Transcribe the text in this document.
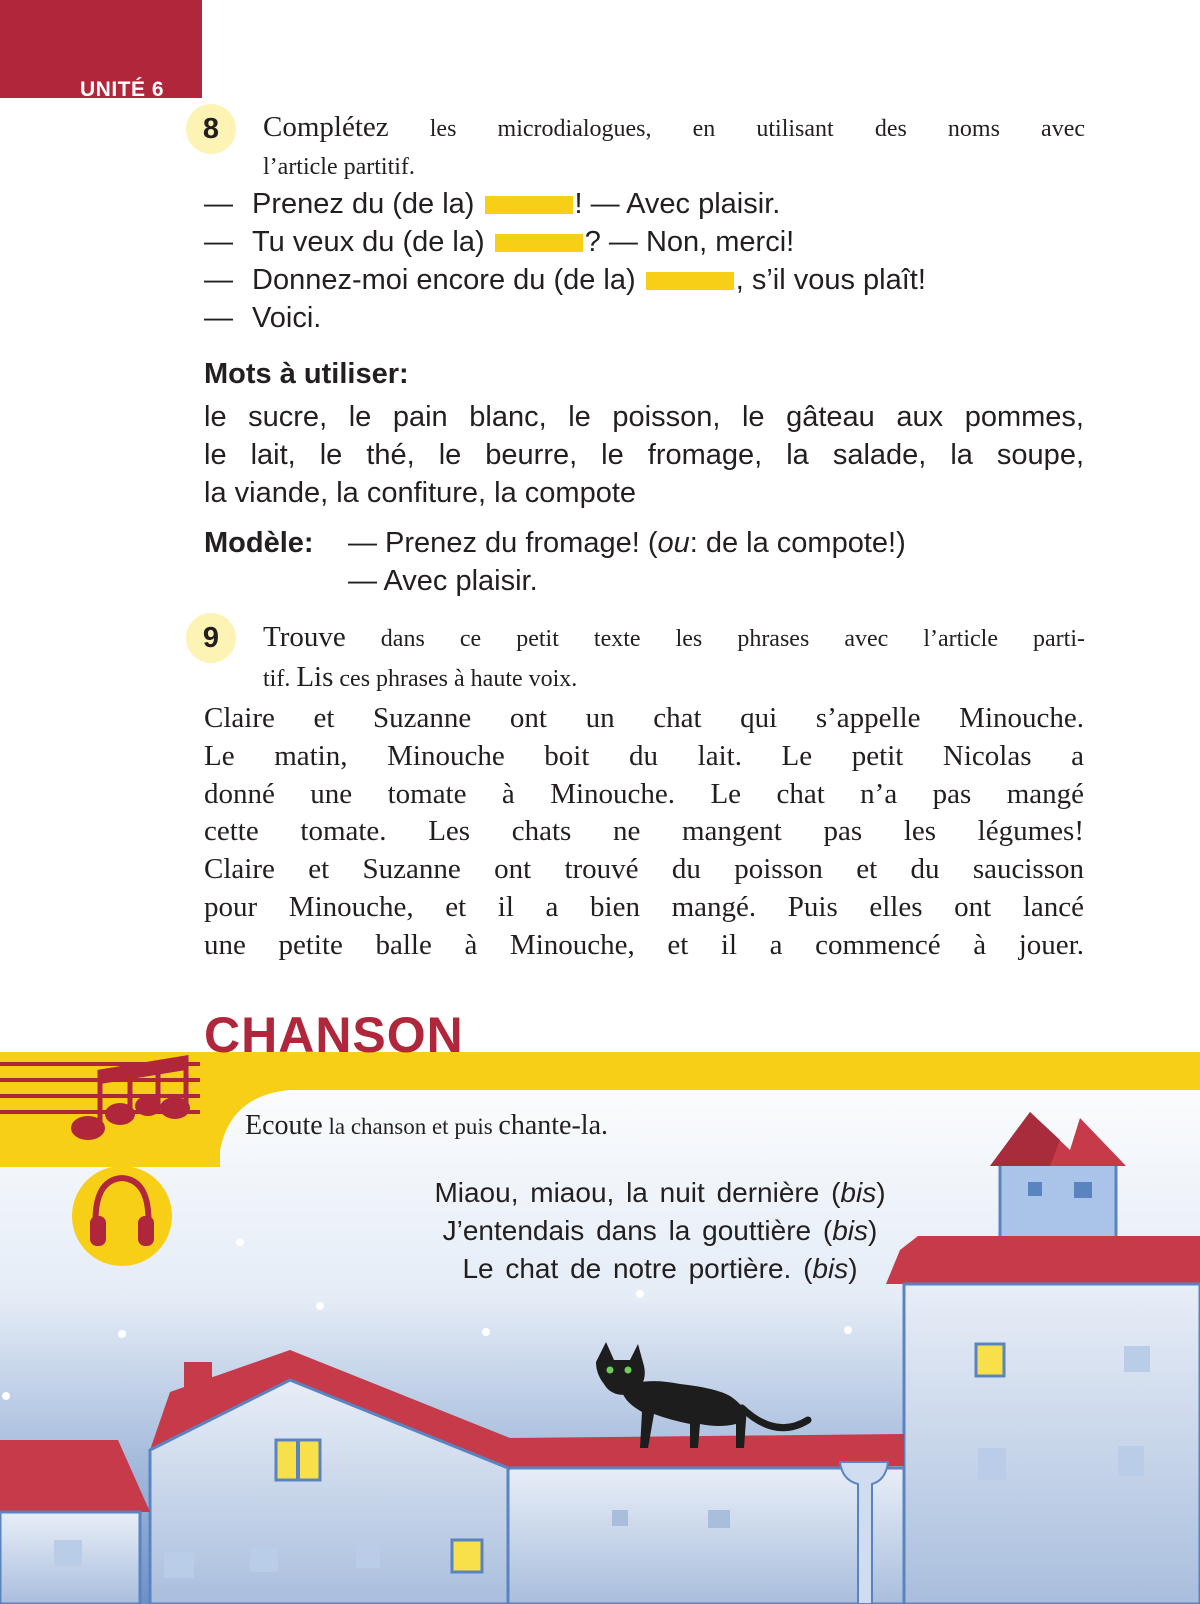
UNITÉ 6
8	Complétez les microdialogues, en utilisant des noms avec
l’article partitif.
— Prenez du (de la)	! — Avec plaisir.
— Tu veux du (de la)	? — Non, merci!
— Donnez-moi encore du (de la)	, s’il vous plaît!
— Voici.
Mots à utiliser:
le sucre, le pain blanc, le poisson, le gâteau aux pommes,
le lait, le thé, le beurre, le fromage, la salade, la soupe,
la viande, la confiture, la compote
Modèle: — Prenez du fromage! (ou: de la compote!)
— Avec plaisir.
9	Trouve dans ce petit texte les phrases avec l’article parti-
tif. Lis ces phrases à haute voix.
Claire et Suzanne ont un chat qui s’appelle Minouche.
Le matin, Minouche boit du lait. Le petit Nicolas a
donné une tomate à Minouche. Le chat n’a pas mangé
cette tomate. Les chats ne mangent pas les légumes!
Claire et Suzanne ont trouvé du poisson et du saucisson
pour Minouche, et il a bien mangé. Puis elles ont lancé
une petite balle à Minouche, et il a commencé à jouer.
CHANSON
Ecoute la chanson et puis chante-la.
Miaou, miaou, la nuit dernière (bis)
J’entendais dans la gouttière (bis)
Le chat de notre portière. (bis)
